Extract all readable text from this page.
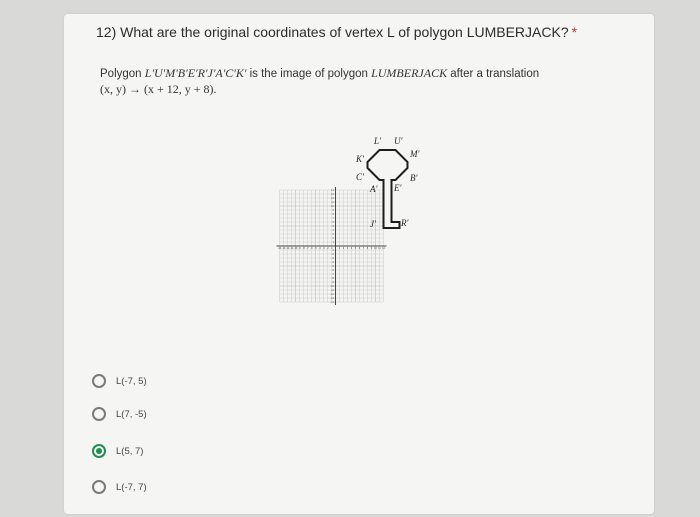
12) What are the original coordinates of vertex L of polygon LUMBERJACK? *
Polygon L'U'M'B'E'R'J'A'C'K' is the image of polygon LUMBERJACK after a translation
(x, y) → (x + 12, y + 8).
-14 -13 -12 -11 -10 -9 -8 -7 -6 -5 -4 -3 -2 -1 1 2 3 4 5 6 7 8 9 10 11 12
-14
-13
-12
-11
-10
-9
-8
-7
-6
-5
-4
-3
-2
-1
1
2
3
4
5
6
7
8
9
10
11
12
13
14
L' U'
M'
K'
C'	B'
A' E'
J'	R'
L(-7, 5)
L(7, -5)
L(5, 7)
L(-7, 7)
